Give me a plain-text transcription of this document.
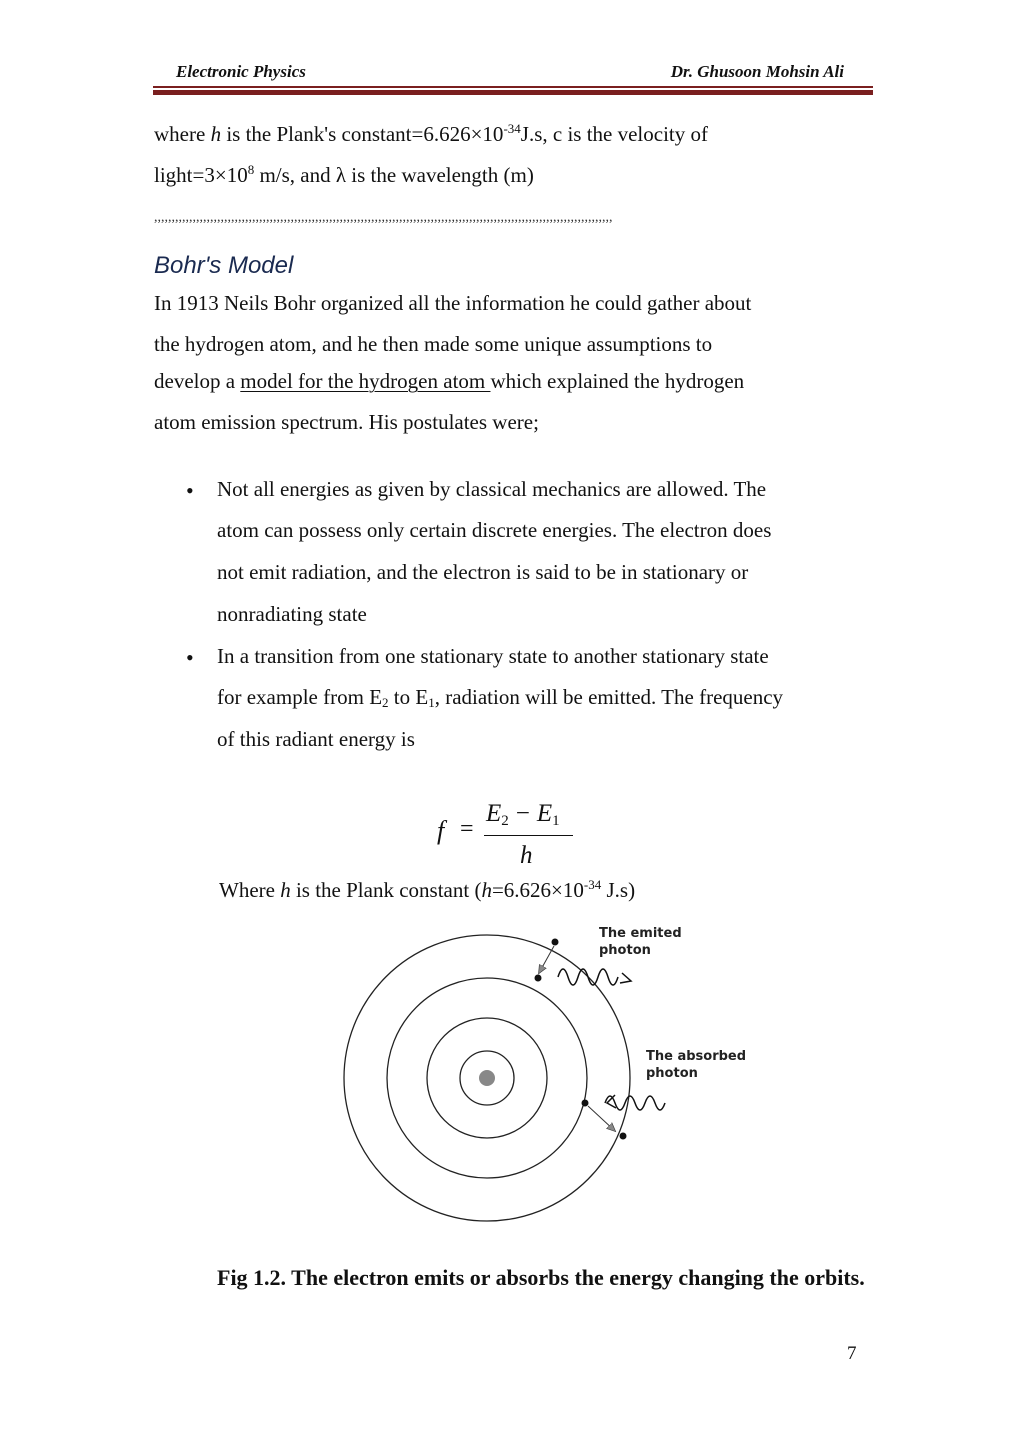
Electronic Physics	Dr. Ghusoon Mohsin Ali
where h is the Plank's $constant=6.626\times 10^{-34}J.s$, c is the velocity of
$light=3\times 10^8$ m/s, and λ is the wavelength (m)
,,,,,,,,,,,,,,,,,,,,,,,,,,,,,,,,,,,,,,,,,,,,,,,,,,,,,,,,,,,,,,,,,,,,,,,,,,,,,,,,,,,,,,,,,,,,,,,,,,,,,,,,,,,,,,,,,,,,,,,,,,,,,,,,,,,
Bohr's Model
In 1913 Neils Bohr organized all the information he could gather about
the hydrogen atom, and he then made some unique assumptions to
develop a model for the hydrogen atom which explained the hydrogen
atom emission spectrum. His postulates were;
• Not all energies as given by classical mechanics are allowed. The
atom can possess only certain discrete energies. The electron does
not emit radiation, and the electron is said to be in stationary or
nonradiating state
• In a transition from one stationary state to another stationary state
for example from $E_2$ to $E_1$, radiation will be emitted. The frequency
of this radiant energy is
f =
E2 − E1
h
Where h is the Plank constant ($h=6.626\times 10^{-34}$ J.s)
The emited
photon
The absorbed
photon
Fig 1.2. The electron emits or absorbs the energy changing the orbits.
7
